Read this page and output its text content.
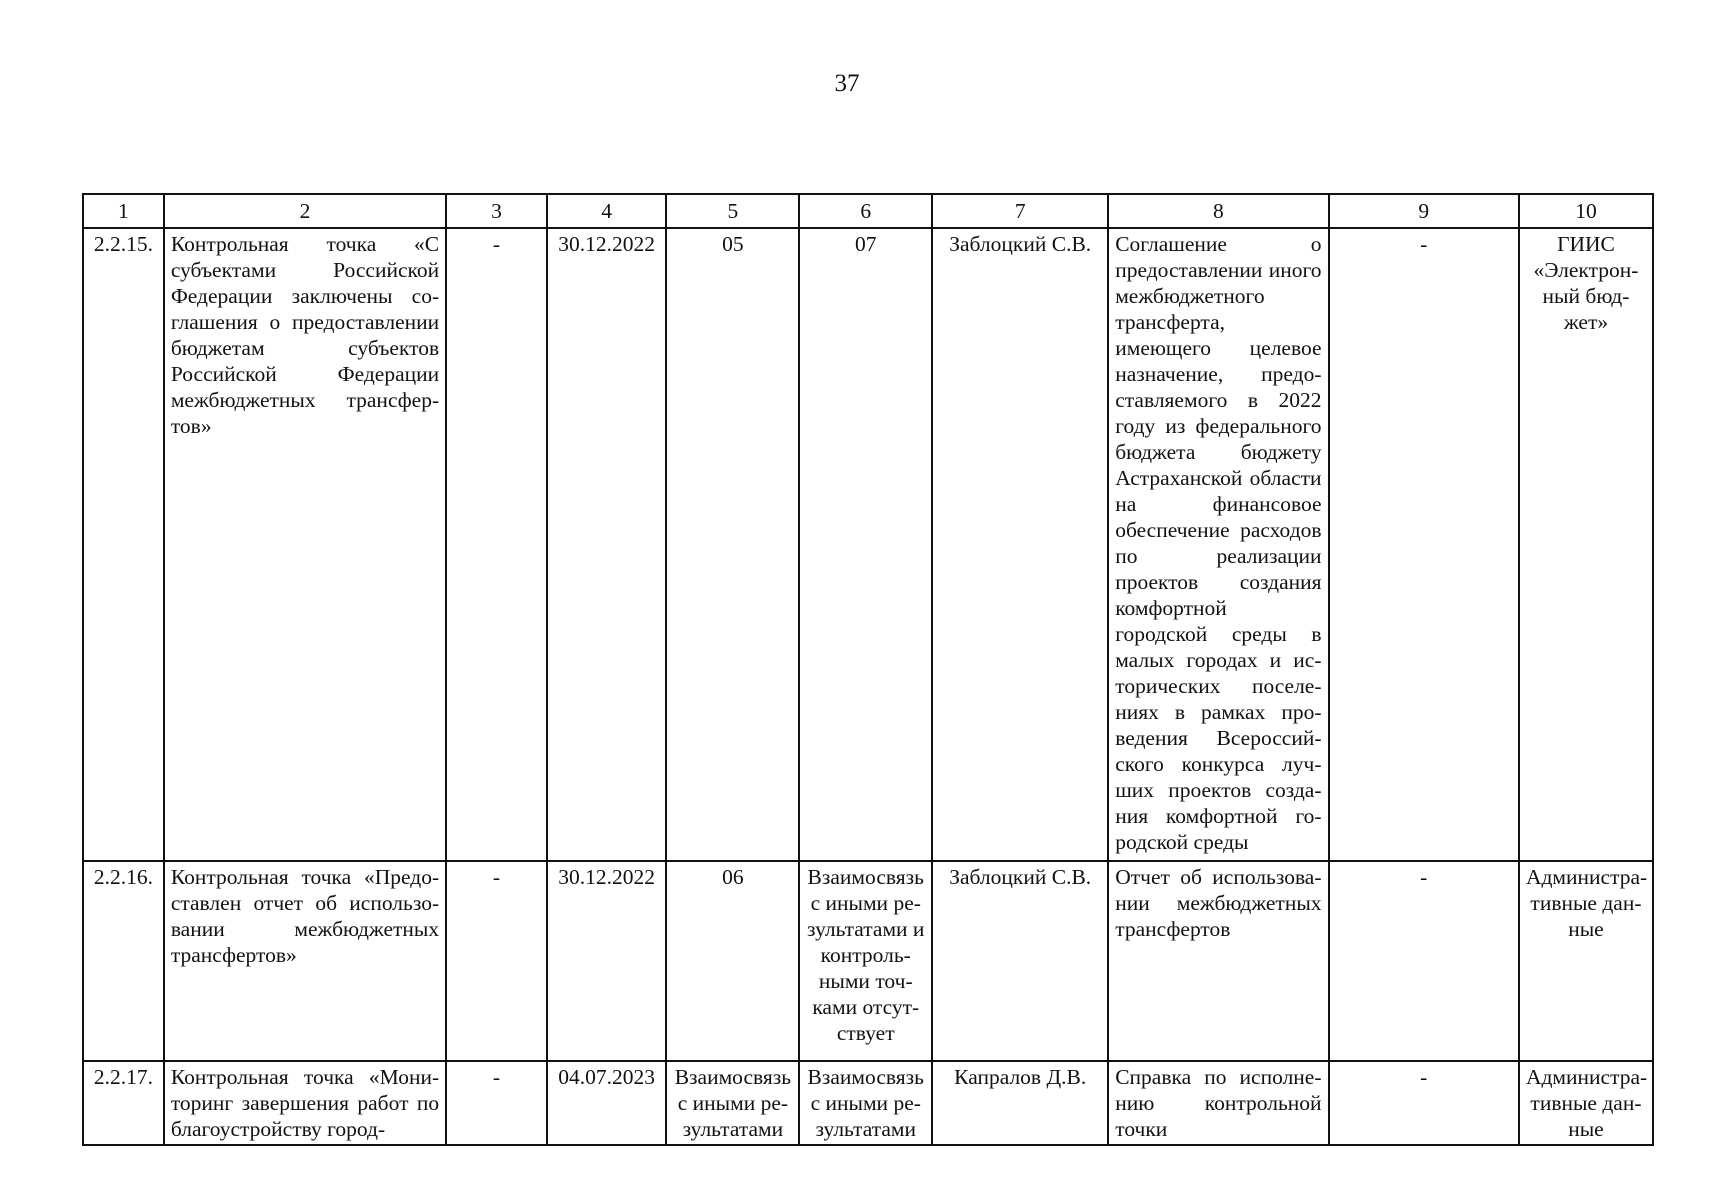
37
1	2	3	4	5	6	7	8	9	10
2.2.15.	Контрольная точка «С субъектами Российской Федерации заключены соглашения о предоставлении бюджетам субъектов Российской Федерации межбюджетных трансфертов»	-	30.12.2022	05	07	Заблоцкий С.В.	Соглашение о предоставлении иного межбюджетного трансферта, имеющего целевое назначение, предоставляемого в 2022 году из федерального бюджета бюджету Астраханской области на финансовое обеспечение расходов по реализации проектов создания комфортной городской среды в малых городах и исторических поселениях в рамках проведения Всероссийского конкурса лучших проектов создания комфортной городской среды	-	ГИИС «Электронный бюджет»
2.2.16.	Контрольная точка «Предоставлен отчет об использовании межбюджетных трансфертов»	-	30.12.2022	06	Взаимосвязь с иными результатами и контрольными точками отсутствует	Заблоцкий С.В.	Отчет об использовании межбюджетных трансфертов	-	Административные данные
2.2.17.	Контрольная точка «Мониторинг завершения работ по благоустройству город-	-	04.07.2023	Взаимосвязь с иными результатами	Взаимосвязь с иными результатами	Капралов Д.В.	Справка по исполнению контрольной точки	-	Административные данные
